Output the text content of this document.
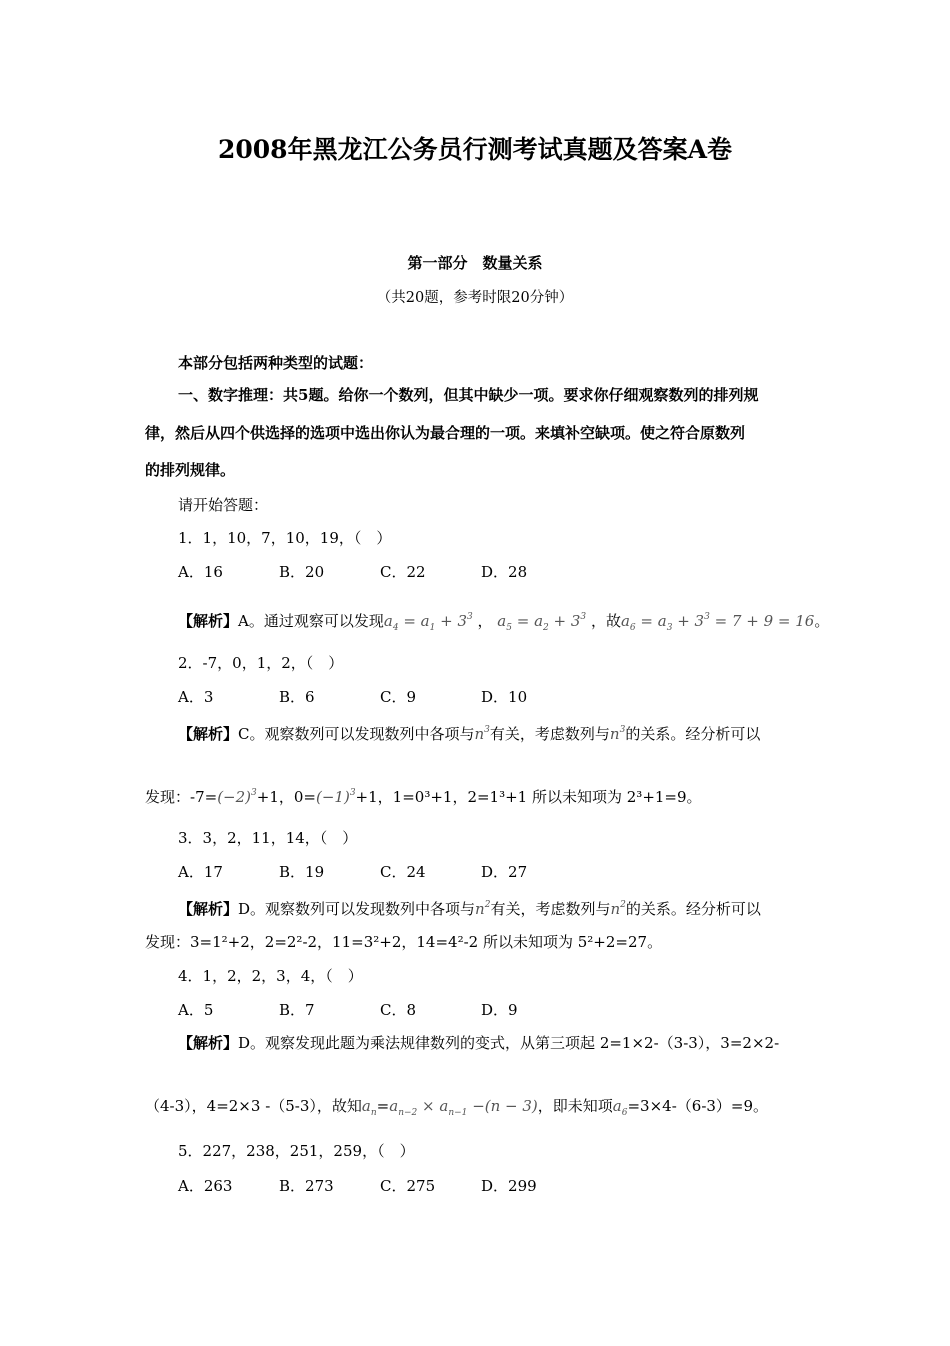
2008年黑龙江公务员行测考试真题及答案A卷
第一部分　数量关系
（共20题，参考时限20分钟）
本部分包括两种类型的试题：
一、数字推理：共5题。给你一个数列，但其中缺少一项。要求你仔细观察数列的排列规
律，然后从四个供选择的选项中选出你认为最合理的一项。来填补空缺项。使之符合原数列
的排列规律。
请开始答题：
1．1，10，7，10，19，（　）
A．16	B．20	C．22	D．28
【解析】A。通过观察可以发现$a_4 = a_1 + 3^3$ ， $a_5 = a_2 + 3^3$ ，故$a_6 = a_3 + 3^3 = 7 + 9 = 16$。
2．-7，0，1，2，（　）
A．3	B．6	C．9	D．10
【解析】C。观察数列可以发现数列中各项与$n^3$有关，考虑数列与$n^3$的关系。经分析可以
发现：$-7=(-2)^3+1$，$0=(-1)^3+1$，1=0³+1，2=1³+1 所以未知项为 2³+1=9。
3．3，2，11，14，（　）
A．17	B．19	C．24	D．27
【解析】D。观察数列可以发现数列中各项与$n^2$有关，考虑数列与$n^2$的关系。经分析可以
发现：3=1²+2，2=2²-2，11=3²+2，14=4²-2 所以未知项为 5²+2=27。
4．1，2，2，3，4，（　）
A．5	B．7	C．8	D．9
【解析】D。观察发现此题为乘法规律数列的变式，从第三项起 2=1×2-（3-3），3=2×2-
（4-3），4=2×3 -（5-3），故知$a_n=a_{n-2} \times a_{n-1} -(n - 3)$，即未知项$a_6=3\times 4-(6-3)=9$。
5．227，238，251，259，（　）
A．263	B．273	C．275	D．299
